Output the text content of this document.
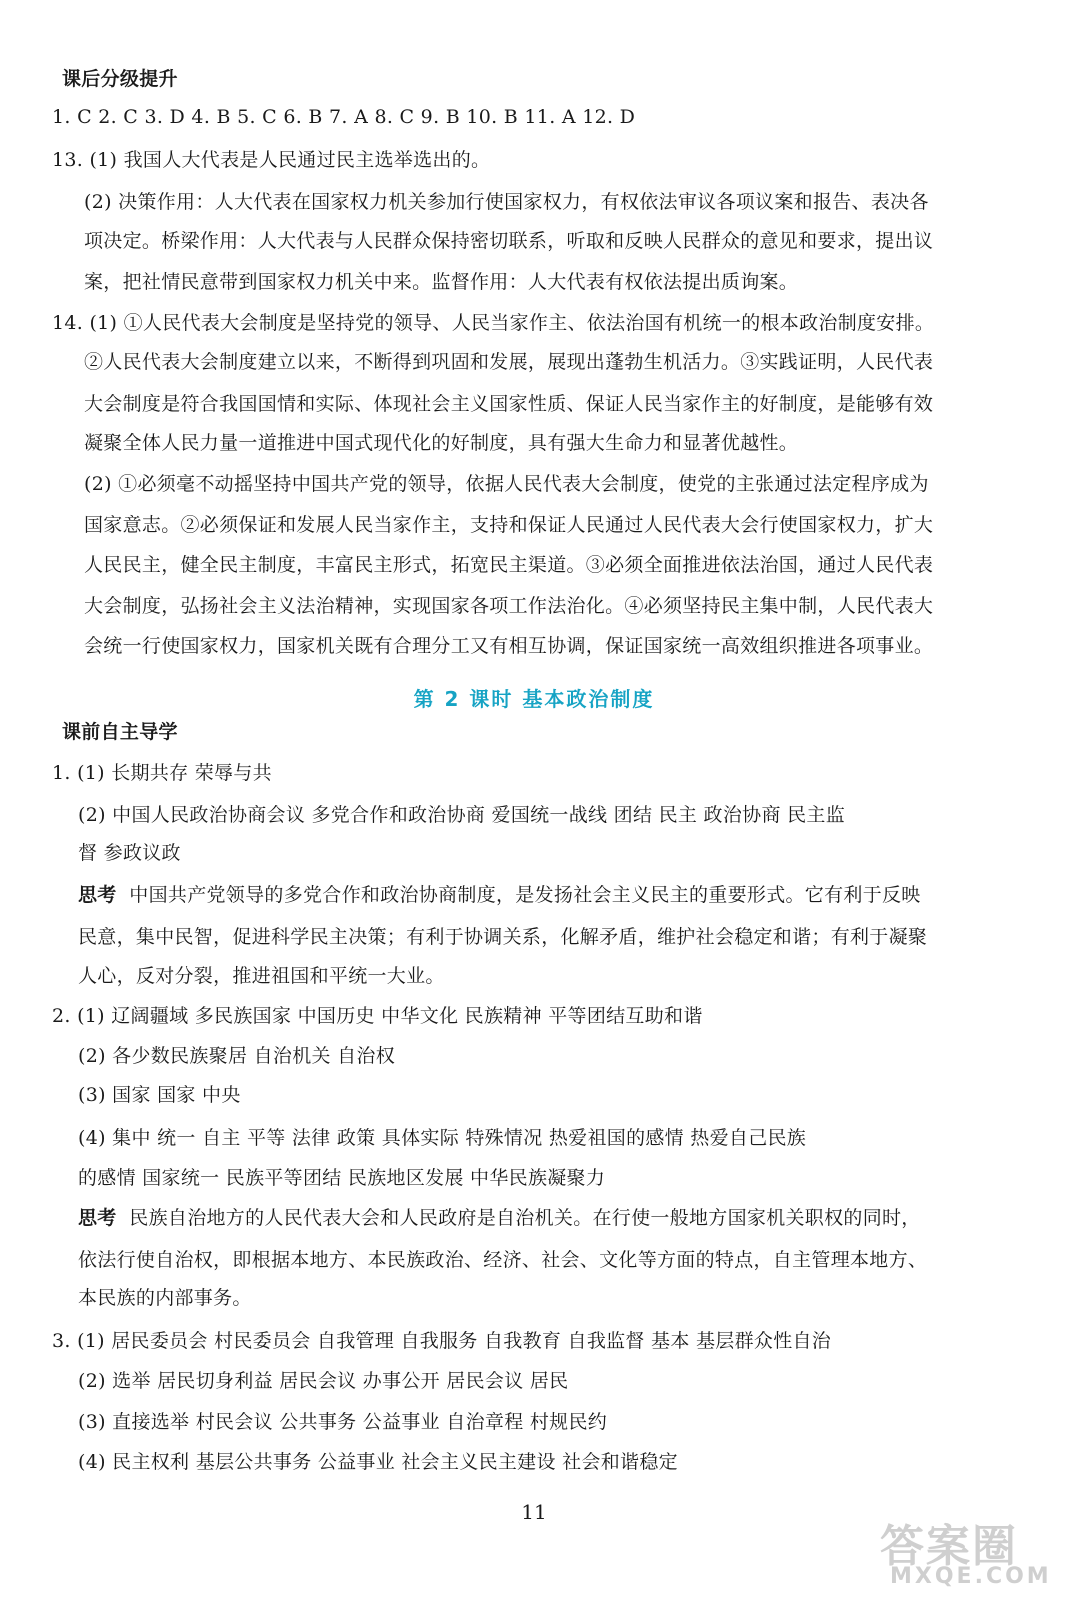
课后分级提升
1. C 2. C 3. D 4. B 5. C 6. B 7. A 8. C 9. B 10. B 11. A 12. D
13. (1) 我国人大代表是人民通过民主选举选出的。
(2) 决策作用：人大代表在国家权力机关参加行使国家权力，有权依法审议各项议案和报告、表决各
项决定。桥梁作用：人大代表与人民群众保持密切联系，听取和反映人民群众的意见和要求，提出议
案，把社情民意带到国家权力机关中来。监督作用：人大代表有权依法提出质询案。
14. (1) ①人民代表大会制度是坚持党的领导、人民当家作主、依法治国有机统一的根本政治制度安排。
②人民代表大会制度建立以来，不断得到巩固和发展，展现出蓬勃生机活力。③实践证明，人民代表
大会制度是符合我国国情和实际、体现社会主义国家性质、保证人民当家作主的好制度，是能够有效
凝聚全体人民力量一道推进中国式现代化的好制度，具有强大生命力和显著优越性。
(2) ①必须毫不动摇坚持中国共产党的领导，依据人民代表大会制度，使党的主张通过法定程序成为
国家意志。②必须保证和发展人民当家作主，支持和保证人民通过人民代表大会行使国家权力，扩大
人民民主，健全民主制度，丰富民主形式，拓宽民主渠道。③必须全面推进依法治国，通过人民代表
大会制度，弘扬社会主义法治精神，实现国家各项工作法治化。④必须坚持民主集中制，人民代表大
会统一行使国家权力，国家机关既有合理分工又有相互协调，保证国家统一高效组织推进各项事业。
第 2 课时 基本政治制度
课前自主导学
1. (1) 长期共存 荣辱与共
(2) 中国人民政治协商会议 多党合作和政治协商 爱国统一战线 团结 民主 政治协商 民主监
督 参政议政
思考 中国共产党领导的多党合作和政治协商制度，是发扬社会主义民主的重要形式。它有利于反映
民意，集中民智，促进科学民主决策；有利于协调关系，化解矛盾，维护社会稳定和谐；有利于凝聚
人心，反对分裂，推进祖国和平统一大业。
2. (1) 辽阔疆域 多民族国家 中国历史 中华文化 民族精神 平等团结互助和谐
(2) 各少数民族聚居 自治机关 自治权
(3) 国家 国家 中央
(4) 集中 统一 自主 平等 法律 政策 具体实际 特殊情况 热爱祖国的感情 热爱自己民族
的感情 国家统一 民族平等团结 民族地区发展 中华民族凝聚力
思考 民族自治地方的人民代表大会和人民政府是自治机关。在行使一般地方国家机关职权的同时，
依法行使自治权，即根据本地方、本民族政治、经济、社会、文化等方面的特点，自主管理本地方、
本民族的内部事务。
3. (1) 居民委员会 村民委员会 自我管理 自我服务 自我教育 自我监督 基本 基层群众性自治
(2) 选举 居民切身利益 居民会议 办事公开 居民会议 居民
(3) 直接选举 村民会议 公共事务 公益事业 自治章程 村规民约
(4) 民主权利 基层公共事务 公益事业 社会主义民主建设 社会和谐稳定
11
答案圈
MXQE.COM
